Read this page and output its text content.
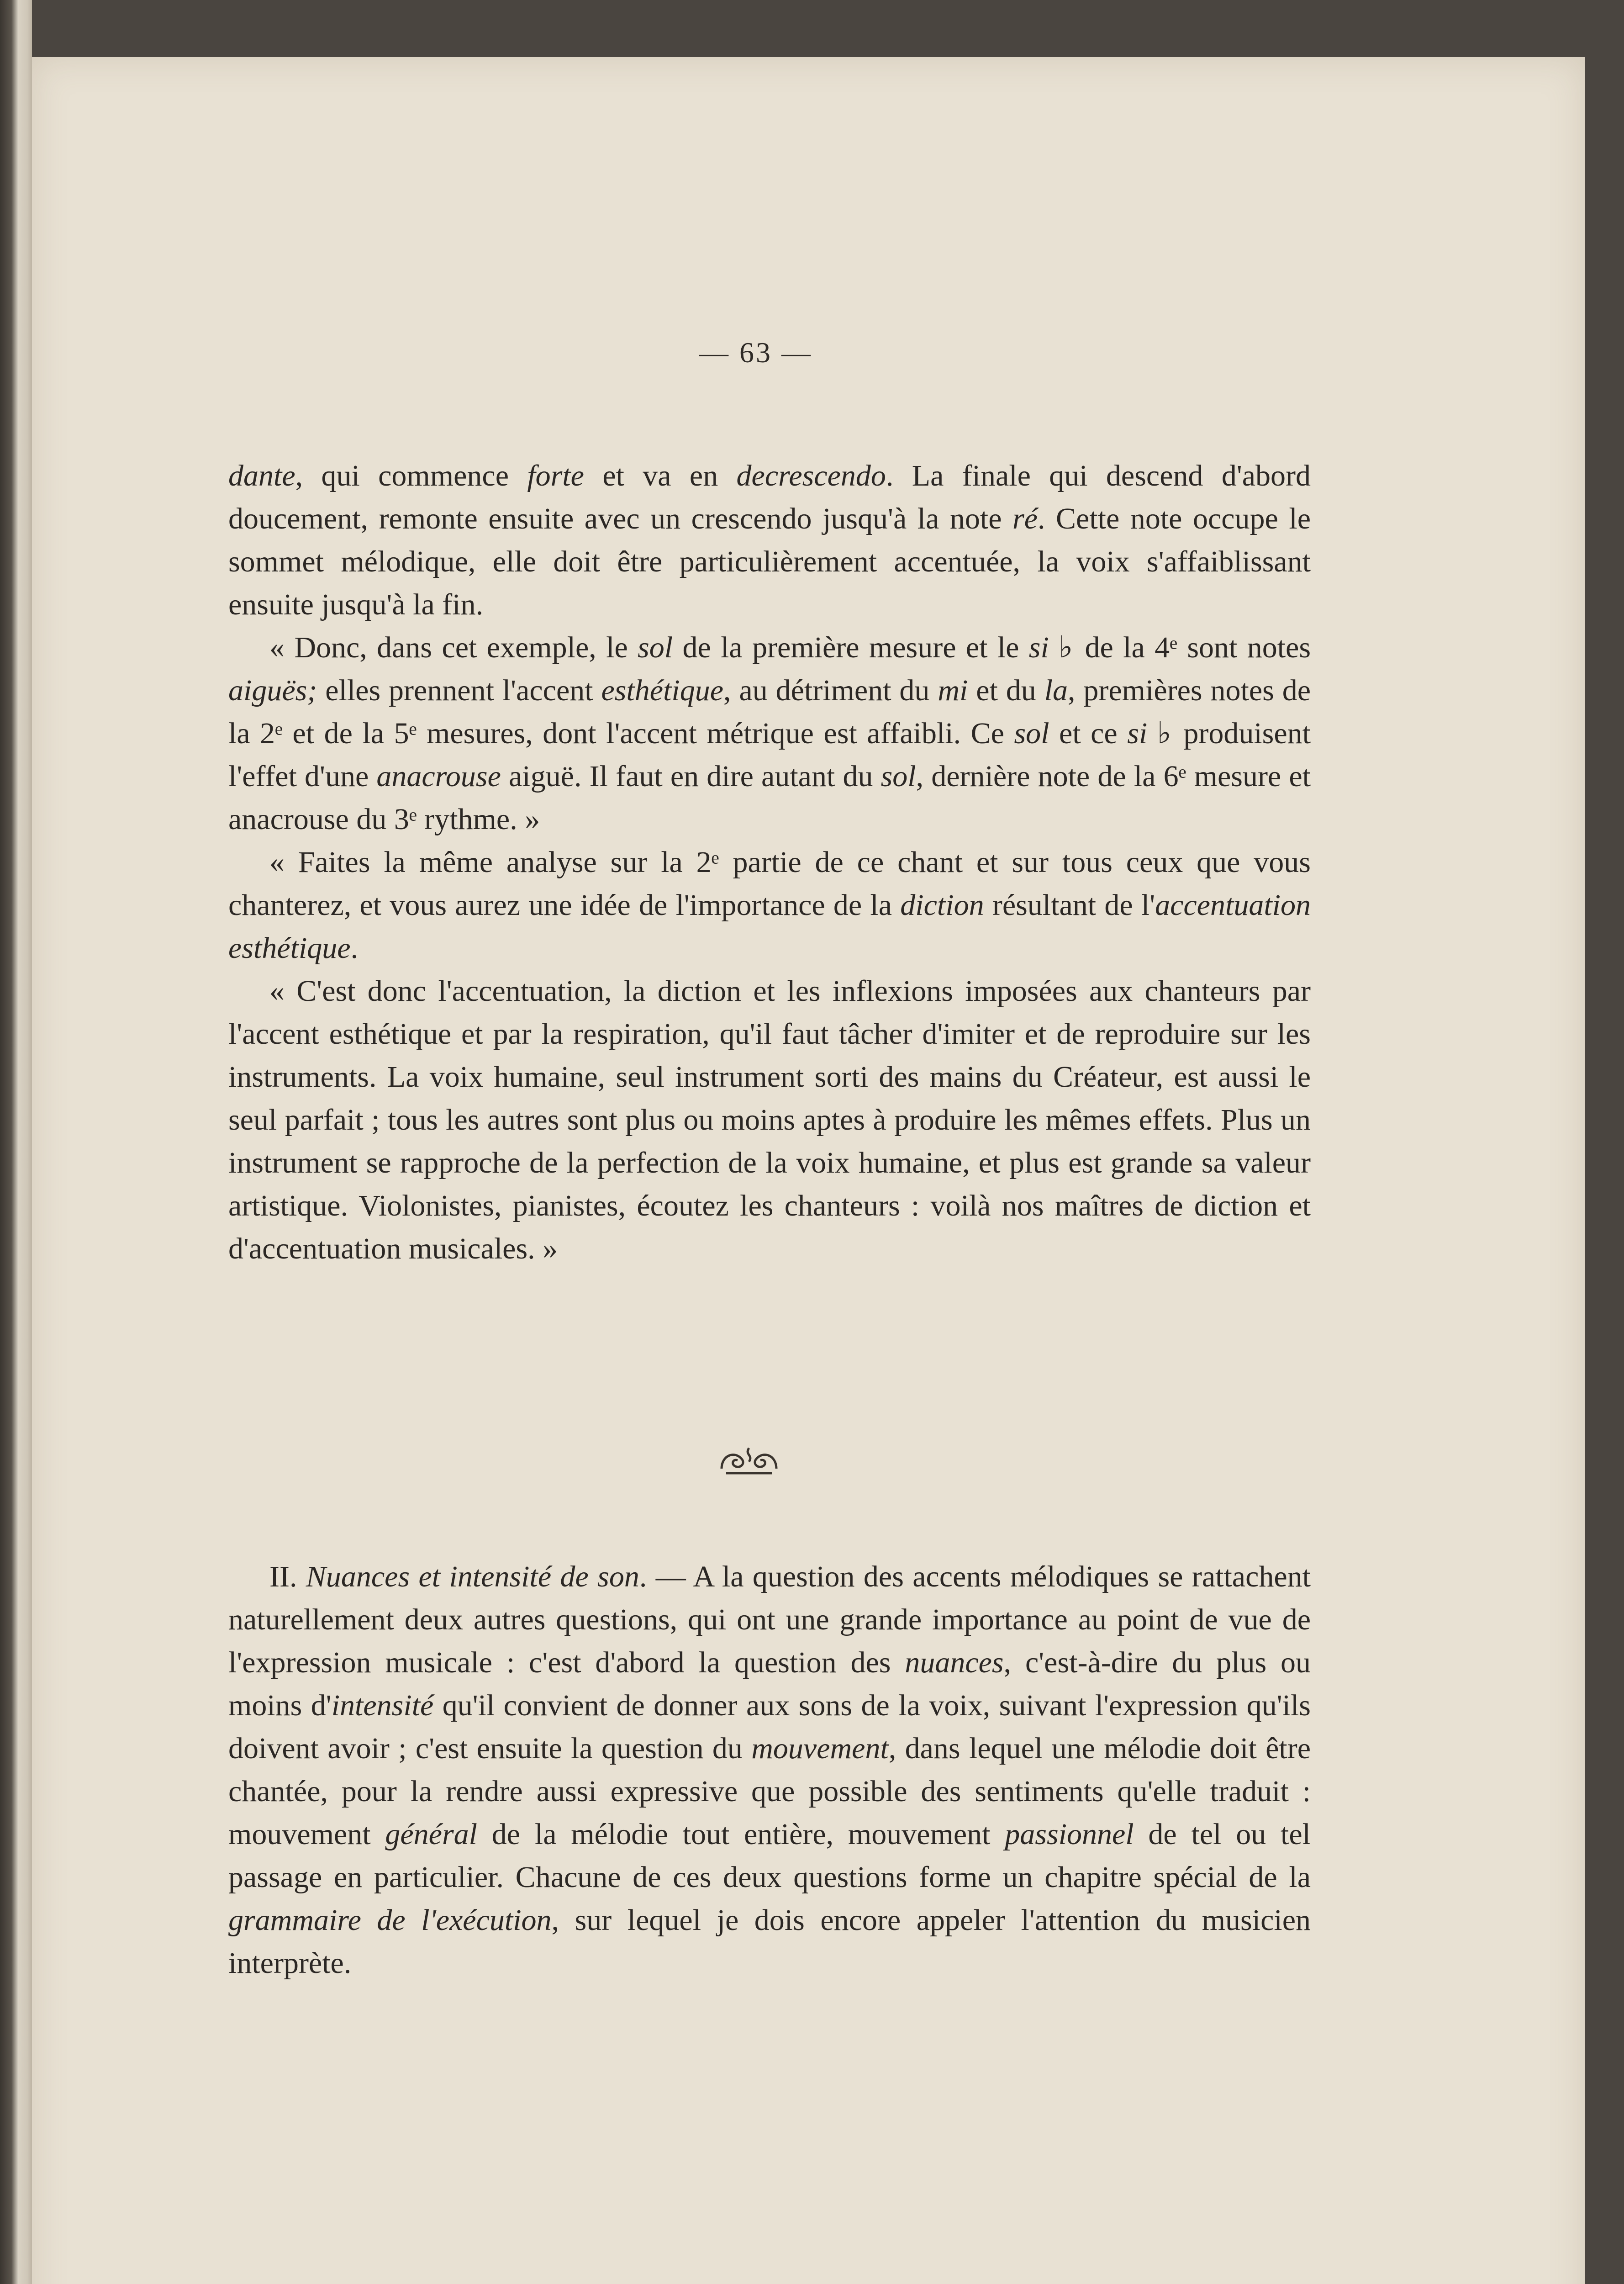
— 63 —

dante, qui commence forte et va en decrescendo. La finale qui descend d'abord doucement, remonte ensuite avec un crescendo jusqu'à la note ré. Cette note occupe le sommet mélodique, elle doit être particulièrement accentuée, la voix s'affaiblissant ensuite jusqu'à la fin.

« Donc, dans cet exemple, le sol de la première mesure et le si ♭ de la 4ᵉ sont notes aiguës; elles prennent l'accent esthétique, au détriment du mi et du la, premières notes de la 2ᵉ et de la 5ᵉ mesures, dont l'accent métrique est affaibli. Ce sol et ce si ♭ produisent l'effet d'une anacrouse aiguë. Il faut en dire autant du sol, dernière note de la 6ᵉ mesure et anacrouse du 3ᵉ rythme. »

« Faites la même analyse sur la 2ᵉ partie de ce chant et sur tous ceux que vous chanterez, et vous aurez une idée de l'importance de la diction résultant de l'accentuation esthétique.

« C'est donc l'accentuation, la diction et les inflexions imposées aux chanteurs par l'accent esthétique et par la respiration, qu'il faut tâcher d'imiter et de reproduire sur les instruments. La voix humaine, seul instrument sorti des mains du Créateur, est aussi le seul parfait ; tous les autres sont plus ou moins aptes à produire les mêmes effets. Plus un instrument se rapproche de la perfection de la voix humaine, et plus est grande sa valeur artistique. Violonistes, pianistes, écoutez les chanteurs : voilà nos maîtres de diction et d'accentuation musicales. »

II. Nuances et intensité de son. — A la question des accents mélodiques se rattachent naturellement deux autres questions, qui ont une grande importance au point de vue de l'expression musicale : c'est d'abord la question des nuances, c'est-à-dire du plus ou moins d'intensité qu'il convient de donner aux sons de la voix, suivant l'expression qu'ils doivent avoir ; c'est ensuite la question du mouvement, dans lequel une mélodie doit être chantée, pour la rendre aussi expressive que possible des sentiments qu'elle traduit : mouvement général de la mélodie tout entière, mouvement passionnel de tel ou tel passage en particulier. Chacune de ces deux questions forme un chapitre spécial de la grammaire de l'exécution, sur lequel je dois encore appeler l'attention du musicien interprète.
